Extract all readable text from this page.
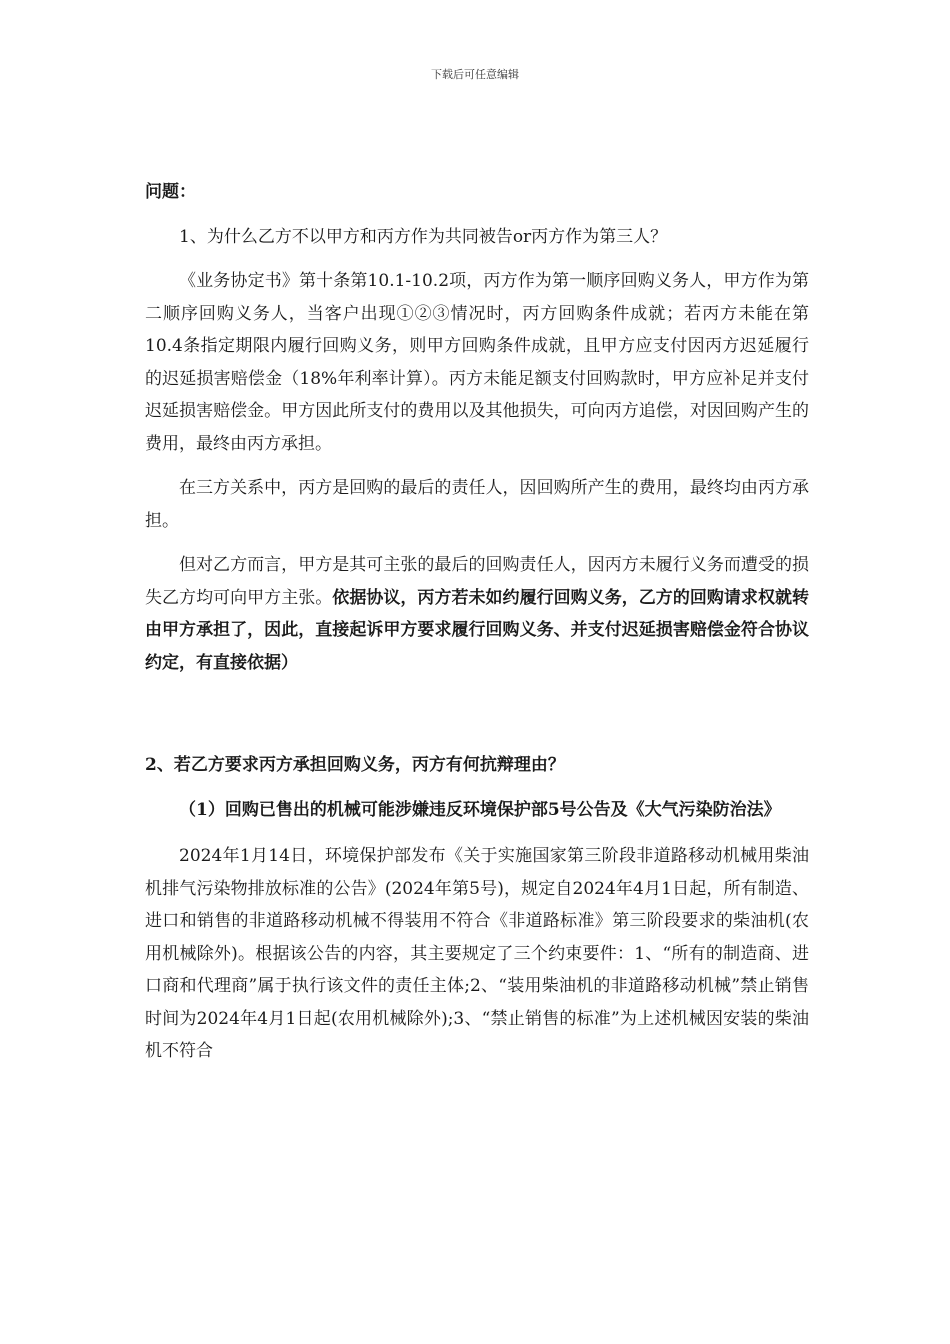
下载后可任意编辑

问题：

1、为什么乙方不以甲方和丙方作为共同被告or丙方作为第三人？

《业务协定书》第十条第10.1-10.2项，丙方作为第一顺序回购义务人，甲方作为第二顺序回购义务人，当客户出现①②③情况时，丙方回购条件成就；若丙方未能在第10.4条指定期限内履行回购义务，则甲方回购条件成就，且甲方应支付因丙方迟延履行的迟延损害赔偿金（18%年利率计算）。丙方未能足额支付回购款时，甲方应补足并支付迟延损害赔偿金。甲方因此所支付的费用以及其他损失，可向丙方追偿，对因回购产生的费用，最终由丙方承担。

在三方关系中，丙方是回购的最后的责任人，因回购所产生的费用，最终均由丙方承担。

但对乙方而言，甲方是其可主张的最后的回购责任人，因丙方未履行义务而遭受的损失乙方均可向甲方主张。依据协议，丙方若未如约履行回购义务，乙方的回购请求权就转由甲方承担了，因此，直接起诉甲方要求履行回购义务、并支付迟延损害赔偿金符合协议约定，有直接依据）

2、若乙方要求丙方承担回购义务，丙方有何抗辩理由？

（1）回购已售出的机械可能涉嫌违反环境保护部5号公告及《大气污染防治法》

2024年1月14日，环境保护部发布《关于实施国家第三阶段非道路移动机械用柴油机排气污染物排放标准的公告》(2024年第5号)，规定自2024年4月1日起，所有制造、进口和销售的非道路移动机械不得装用不符合《非道路标准》第三阶段要求的柴油机(农用机械除外)。根据该公告的内容，其主要规定了三个约束要件：1、“所有的制造商、进口商和代理商”属于执行该文件的责任主体;2、“装用柴油机的非道路移动机械”禁止销售时间为2024年4月1日起(农用机械除外);3、“禁止销售的标准”为上述机械因安装的柴油机不符合
